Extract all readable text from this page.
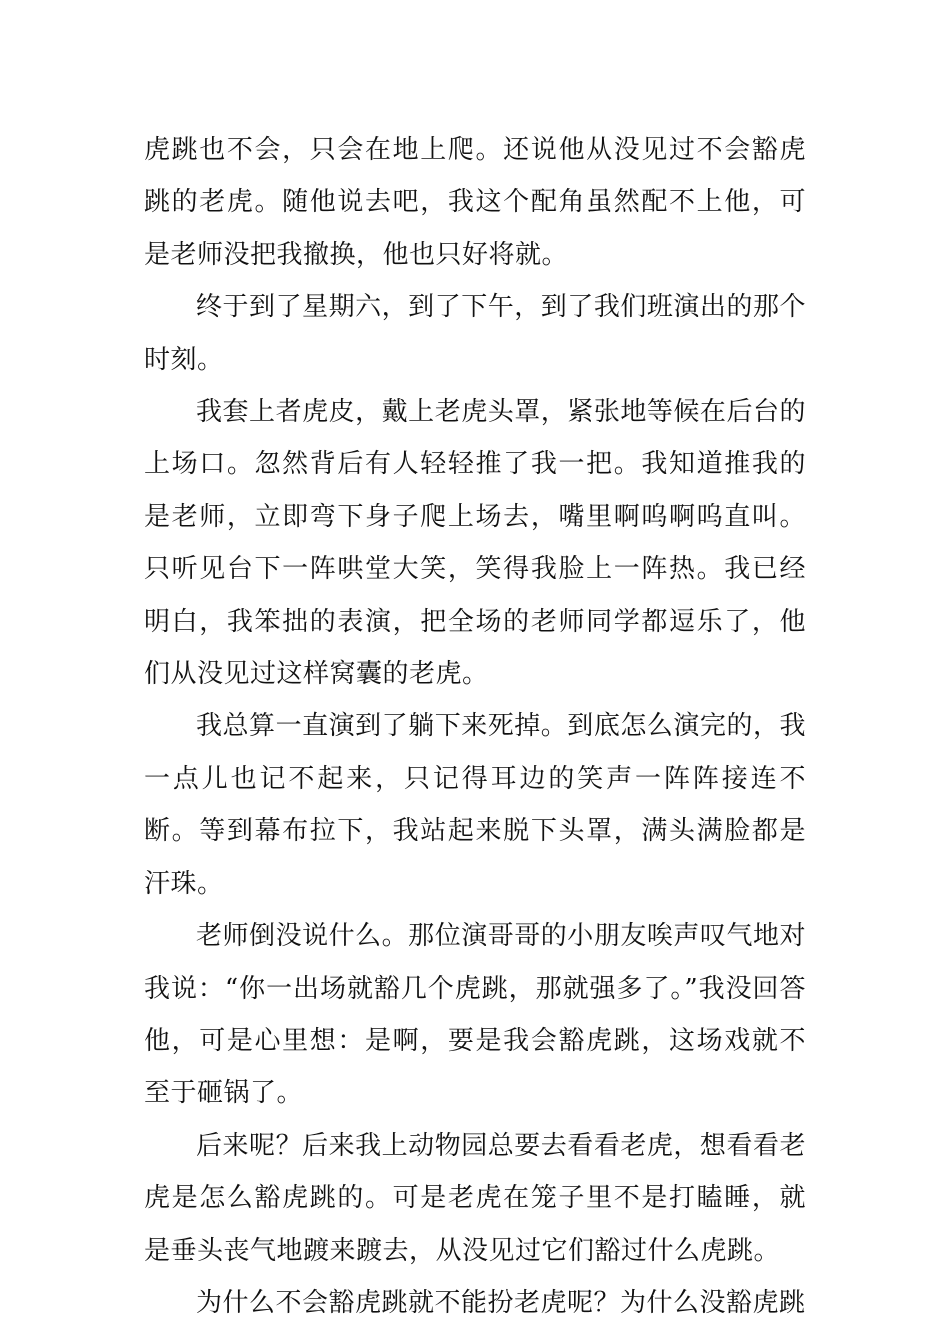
虎跳也不会，只会在地上爬。还说他从没见过不会豁虎跳的老虎。随他说去吧，我这个配角虽然配不上他，可是老师没把我撤换，他也只好将就。

终于到了星期六，到了下午，到了我们班演出的那个时刻。

我套上者虎皮，戴上老虎头罩，紧张地等候在后台的上场口。忽然背后有人轻轻推了我一把。我知道推我的是老师，立即弯下身子爬上场去，嘴里啊呜啊呜直叫。只听见台下一阵哄堂大笑，笑得我脸上一阵热。我已经明白，我笨拙的表演，把全场的老师同学都逗乐了，他们从没见过这样窝囊的老虎。

我总算一直演到了躺下来死掉。到底怎么演完的，我一点儿也记不起来，只记得耳边的笑声一阵阵接连不断。等到幕布拉下，我站起来脱下头罩，满头满脸都是汗珠。

老师倒没说什么。那位演哥哥的小朋友唉声叹气地对我说：“你一出场就豁几个虎跳，那就强多了。”我没回答他，可是心里想：是啊，要是我会豁虎跳，这场戏就不至于砸锅了。

后来呢？后来我上动物园总要去看看老虎，想看看老虎是怎么豁虎跳的。可是老虎在笼子里不是打瞌睡，就是垂头丧气地踱来踱去，从没见过它们豁过什么虎跳。

为什么不会豁虎跳就不能扮老虎呢？为什么没豁虎跳
